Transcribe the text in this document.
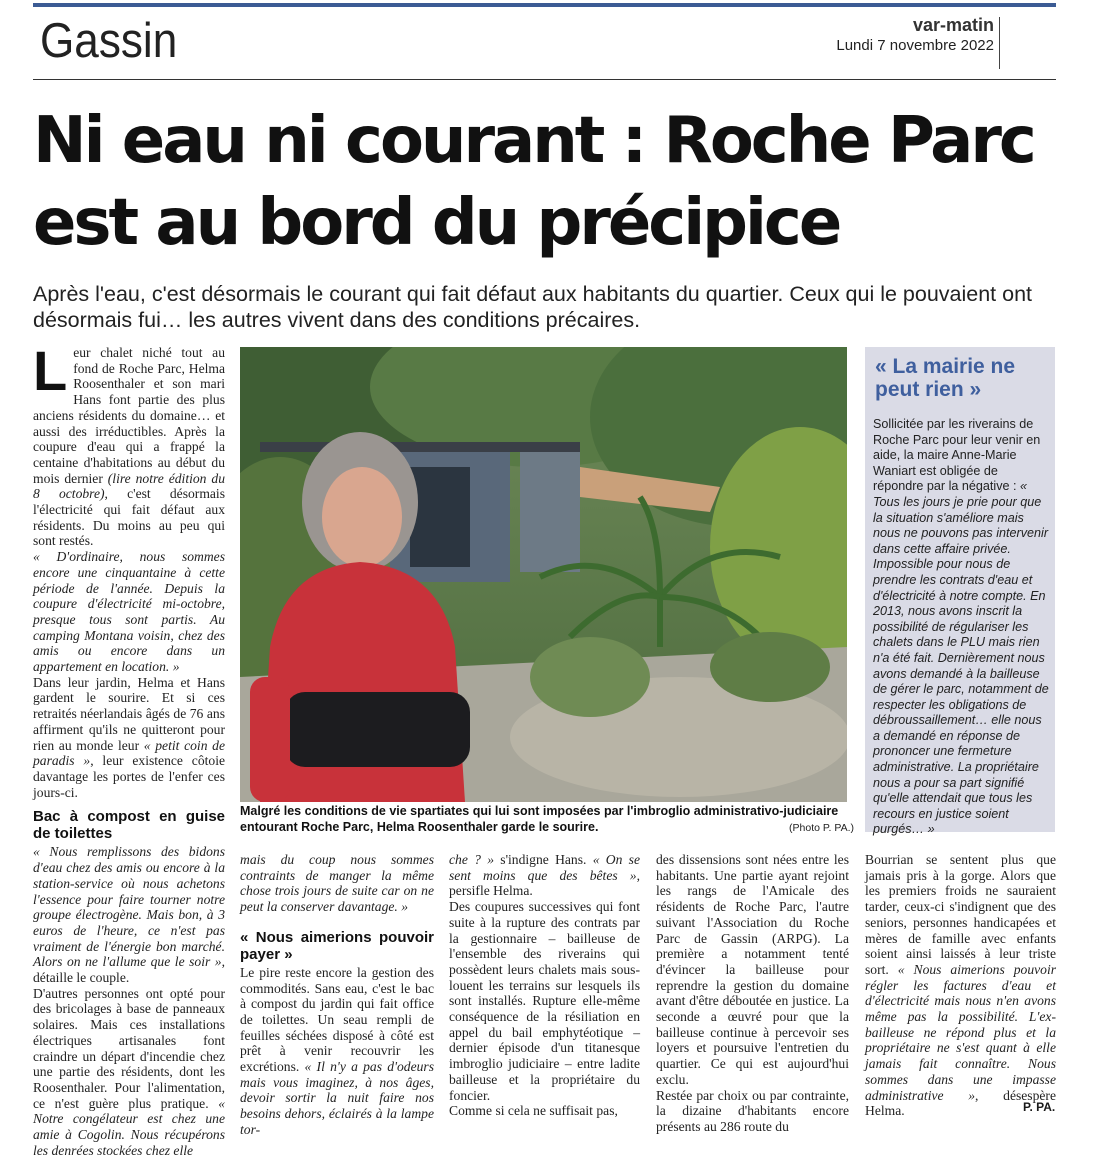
Gassin	var-matin
Lundi 7 novembre 2022
Ni eau ni courant : Roche Parc est au bord du précipice
Après l'eau, c'est désormais le courant qui fait défaut aux habitants du quartier. Ceux qui le pouvaient ont désormais fui… les autres vivent dans des conditions précaires.

L eur chalet niché tout au fond de Roche Parc, Helma Roosenthaler et son mari Hans font partie des plus anciens résidents du domaine… et aussi des irréductibles. Après la coupure d'eau qui a frappé la centaine d'habitations au début du mois dernier (lire notre édition du 8 octobre), c'est désormais l'électricité qui fait défaut aux résidents. Du moins au peu qui sont restés.

« D'ordinaire, nous sommes encore une cinquantaine à cette période de l'année. Depuis la coupure d'électricité mi-octobre, presque tous sont partis. Au camping Montana voisin, chez des amis ou encore dans un appartement en location. »

Dans leur jardin, Helma et Hans gardent le sourire. Et si ces retraités néerlandais âgés de 76 ans affirment qu'ils ne quitteront pour rien au monde leur « petit coin de paradis », leur existence côtoie davantage les portes de l'enfer ces jours-ci.

Bac à compost en guise de toilettes

« Nous remplissons des bidons d'eau chez des amis ou encore à la station-service où nous achetons l'essence pour faire tourner notre groupe électrogène. Mais bon, à 3 euros de l'heure, ce n'est pas vraiment de l'énergie bon marché. Alors on ne l'allume que le soir », détaille le couple.

D'autres personnes ont opté pour des bricolages à base de panneaux solaires. Mais ces installations électriques artisanales font craindre un départ d'incendie chez une partie des résidents, dont les Roosenthaler. Pour l'alimentation, ce n'est guère plus pratique. « Notre congélateur est chez une amie à Cogolin. Nous récupérons les denrées stockées chez elle

Malgré les conditions de vie spartiates qui lui sont imposées par l'imbroglio administrativo-judiciaire entourant Roche Parc, Helma Roosenthaler garde le sourire.	(Photo P. PA.)
« La mairie ne peut rien »
Sollicitée par les riverains de Roche Parc pour leur venir en aide, la maire Anne-Marie Waniart est obligée de répondre par la négative : « Tous les jours je prie pour que la situation s'améliore mais nous ne pouvons pas intervenir dans cette affaire privée. Impossible pour nous de prendre les contrats d'eau et d'électricité à notre compte. En 2013, nous avons inscrit la possibilité de régulariser les chalets dans le PLU mais rien n'a été fait. Dernièrement nous avons demandé à la bailleuse de gérer le parc, notamment de respecter les obligations de débroussaillement… elle nous a demandé en réponse de prononcer une fermeture administrative. La propriétaire nous a pour sa part signifié qu'elle attendait que tous les recours en justice soient purgés… »

mais du coup nous sommes contraints de manger la même chose trois jours de suite car on ne peut la conserver davantage. »

« Nous aimerions pouvoir payer »

Le pire reste encore la gestion des commodités. Sans eau, c'est le bac à compost du jardin qui fait office de toilettes. Un seau rempli de feuilles séchées disposé à côté est prêt à venir recouvrir les excrétions. « Il n'y a pas d'odeurs mais vous imaginez, à nos âges, devoir sortir la nuit faire nos besoins dehors, éclairés à la lampe tor-

che ? » s'indigne Hans. « On se sent moins que des bêtes », persifle Helma.

Des coupures successives qui font suite à la rupture des contrats par la gestionnaire – bailleuse de l'ensemble des riverains qui possèdent leurs chalets mais sous-louent les terrains sur lesquels ils sont installés. Rupture elle-même conséquence de la résiliation en appel du bail emphytéotique – dernier épisode d'un titanesque imbroglio judiciaire – entre ladite bailleuse et la propriétaire du foncier.

Comme si cela ne suffisait pas,

des dissensions sont nées entre les habitants. Une partie ayant rejoint les rangs de l'Amicale des résidents de Roche Parc, l'autre suivant l'Association du Roche Parc de Gassin (ARPG). La première a notamment tenté d'évincer la bailleuse pour reprendre la gestion du domaine avant d'être déboutée en justice. La seconde a œuvré pour que la bailleuse continue à percevoir ses loyers et poursuive l'entretien du quartier. Ce qui est aujourd'hui exclu.

Restée par choix ou par contrainte, la dizaine d'habitants encore présents au 286 route du

Bourrian se sentent plus que jamais pris à la gorge. Alors que les premiers froids ne sauraient tarder, ceux-ci s'indignent que des seniors, personnes handicapées et mères de famille avec enfants soient ainsi laissés à leur triste sort. « Nous aimerions pouvoir régler les factures d'eau et d'électricité mais nous n'en avons même pas la possibilité. L'ex-bailleuse ne répond plus et la propriétaire ne s'est quant à elle jamais fait connaître. Nous sommes dans une impasse administrative », désespère Helma.	P. PA.
